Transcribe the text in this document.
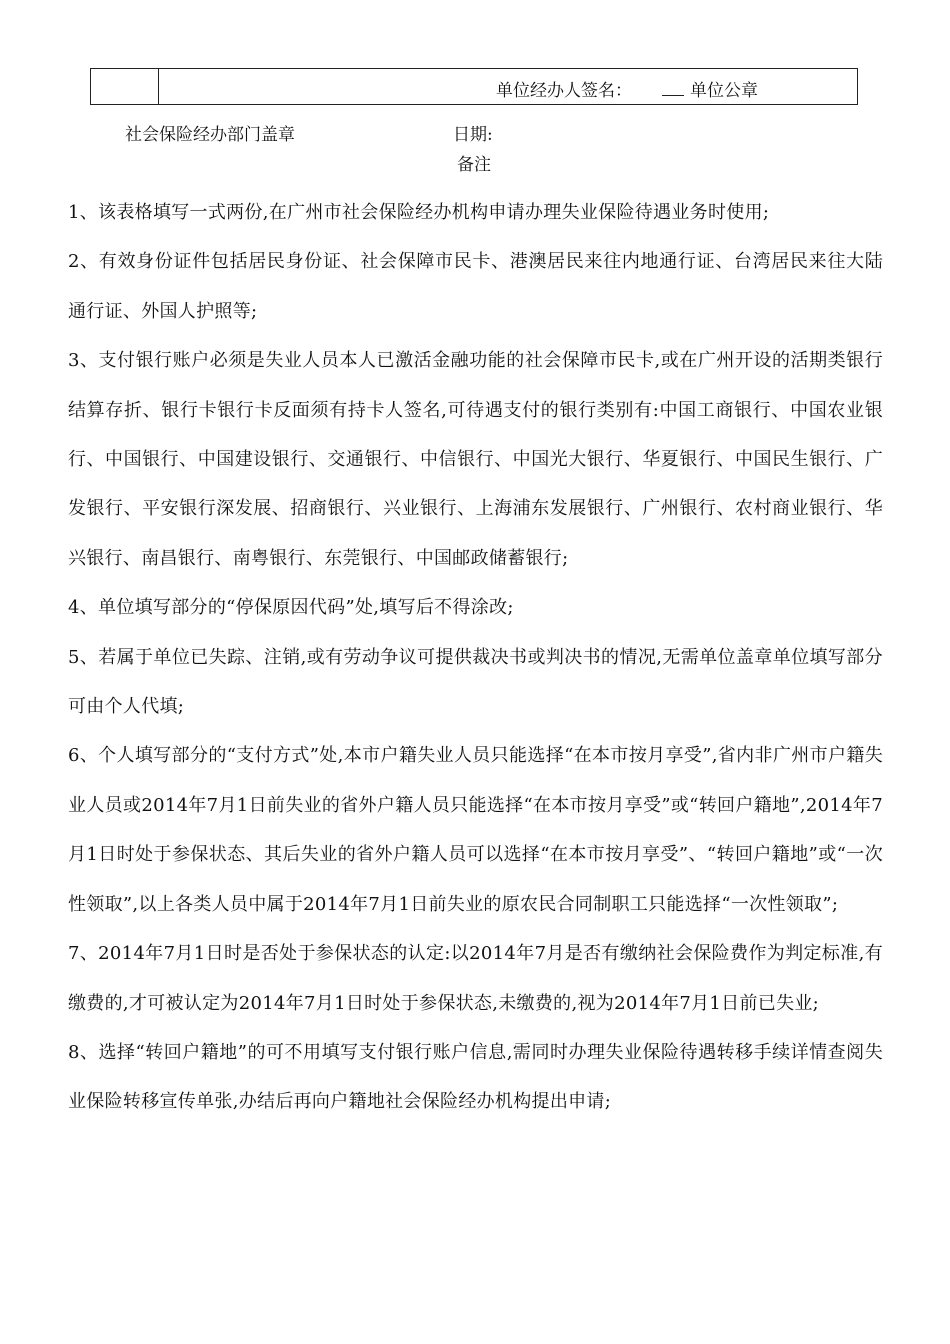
单位经办人签名：	单位公章
社会保险经办部门盖章	日期:
备注

1、该表格填写一式两份,在广州市社会保险经办机构申请办理失业保险待遇业务时使用;

2、有效身份证件包括居民身份证、社会保障市民卡、港澳居民来往内地通行证、台湾居民来往大陆通行证、外国人护照等;

3、支付银行账户必须是失业人员本人已激活金融功能的社会保障市民卡,或在广州开设的活期类银行结算存折、银行卡银行卡反面须有持卡人签名,可待遇支付的银行类别有:中国工商银行、中国农业银行、中国银行、中国建设银行、交通银行、中信银行、中国光大银行、华夏银行、中国民生银行、广发银行、平安银行深发展、招商银行、兴业银行、上海浦东发展银行、广州银行、农村商业银行、华兴银行、南昌银行、南粤银行、东莞银行、中国邮政储蓄银行;

4、单位填写部分的“停保原因代码”处,填写后不得涂改;

5、若属于单位已失踪、注销,或有劳动争议可提供裁决书或判决书的情况,无需单位盖章单位填写部分可由个人代填;

6、个人填写部分的“支付方式”处,本市户籍失业人员只能选择“在本市按月享受”,省内非广州市户籍失业人员或2014年7月1日前失业的省外户籍人员只能选择“在本市按月享受”或“转回户籍地”,2014年7月1日时处于参保状态、其后失业的省外户籍人员可以选择“在本市按月享受”、“转回户籍地”或“一次性领取”,以上各类人员中属于2014年7月1日前失业的原农民合同制职工只能选择“一次性领取”;

7、2014年7月1日时是否处于参保状态的认定:以2014年7月是否有缴纳社会保险费作为判定标准,有缴费的,才可被认定为2014年7月1日时处于参保状态,未缴费的,视为2014年7月1日前已失业;

8、选择“转回户籍地”的可不用填写支付银行账户信息,需同时办理失业保险待遇转移手续详情查阅失业保险转移宣传单张,办结后再向户籍地社会保险经办机构提出申请;
